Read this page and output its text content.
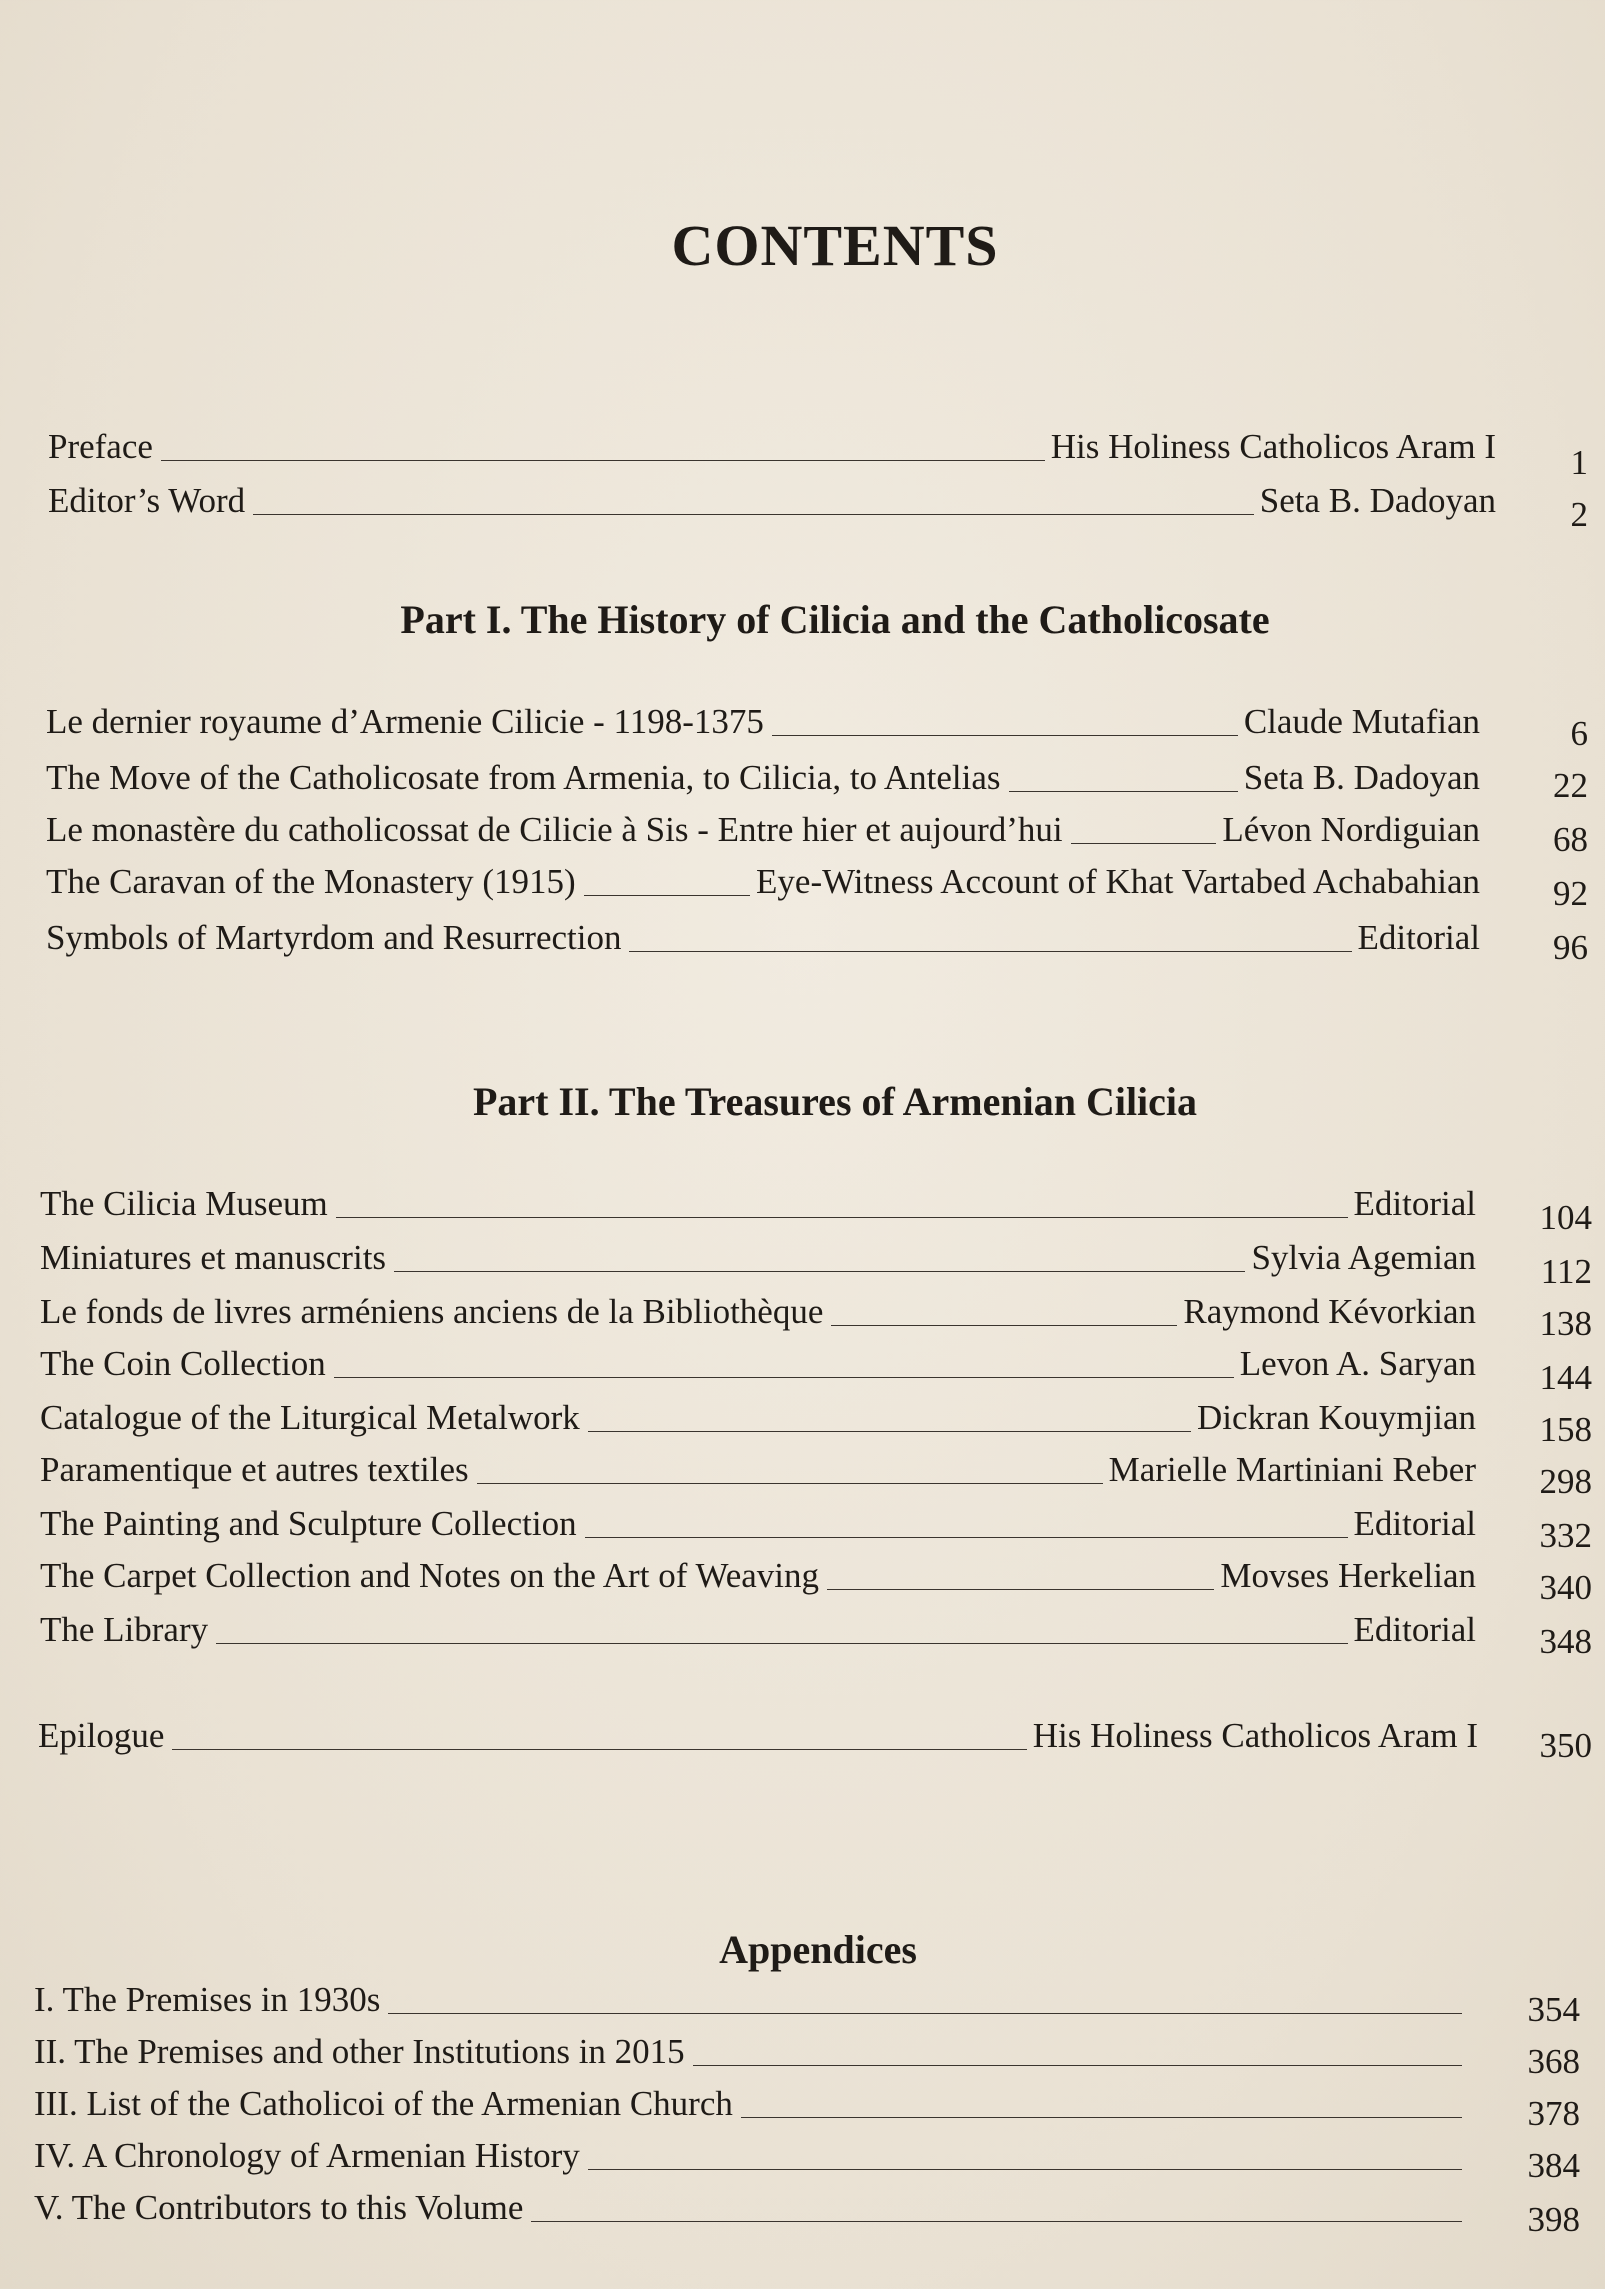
CONTENTS
Preface	His Holiness Catholicos Aram I	1
Editor’s Word	Seta B. Dadoyan	2
Part I. The History of Cilicia and the Catholicosate
Le dernier royaume d’Armenie Cilicie - 1198-1375	Claude Mutafian	6
The Move of the Catholicosate from Armenia, to Cilicia, to Antelias	Seta B. Dadoyan	22
Le monastère du catholicossat de Cilicie à Sis - Entre hier et aujourd’hui	Lévon Nordiguian	68
The Caravan of the Monastery (1915)	Eye-Witness Account of Khat Vartabed Achabahian	92
Symbols of Martyrdom and Resurrection	Editorial	96
Part II. The Treasures of Armenian Cilicia
The Cilicia Museum	Editorial	104
Miniatures et manuscrits	Sylvia Agemian	112
Le fonds de livres arméniens anciens de la Bibliothèque	Raymond Kévorkian	138
The Coin Collection	Levon A. Saryan	144
Catalogue of the Liturgical Metalwork	Dickran Kouymjian	158
Paramentique et autres textiles	Marielle Martiniani Reber	298
The Painting and Sculpture Collection	Editorial	332
The Carpet Collection and Notes on the Art of Weaving	Movses Herkelian	340
The Library	Editorial	348
Epilogue	His Holiness Catholicos Aram I	350
Appendices
I. The Premises in 1930s	354
II. The Premises and other Institutions in 2015	368
III. List of the Catholicoi of the Armenian Church	378
IV. A Chronology of Armenian History	384
V. The Contributors to this Volume	398
